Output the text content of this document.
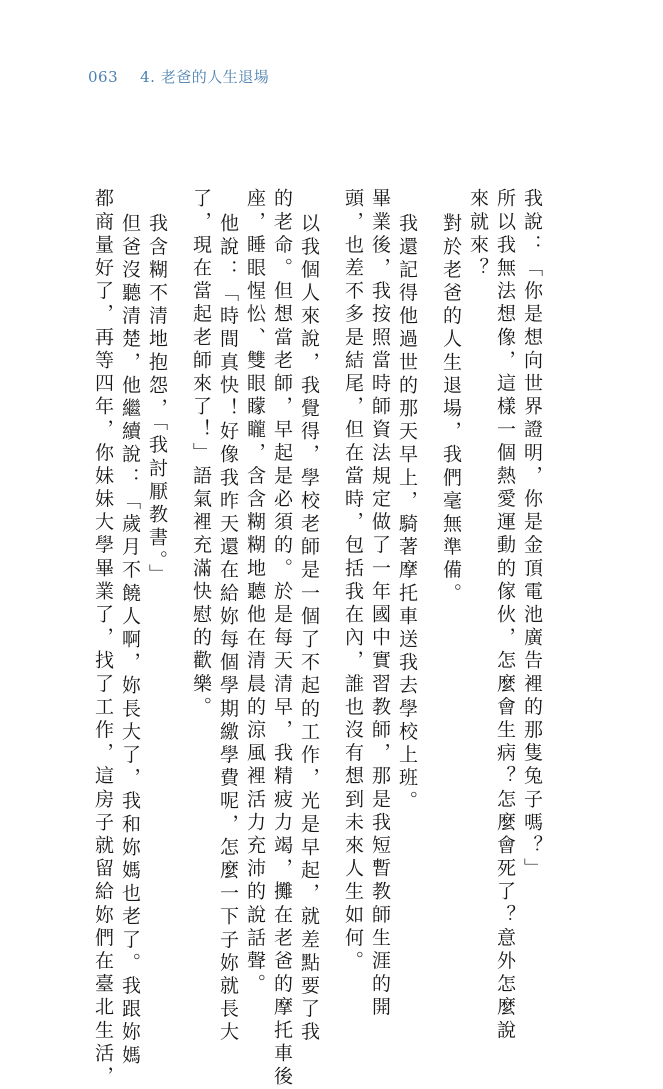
063 4. 老爸的人生退場
我說：「你是想向世界證明，你是金頂電池廣告裡的那隻兔子嗎？」
所以我無法想像，這樣一個熱愛運動的傢伙，怎麼會生病？怎麼會死了？意外怎麼說
來就來？
對於老爸的人生退場，我們毫無準備。
我還記得他過世的那天早上，騎著摩托車送我去學校上班。
畢業後，我按照當時師資法規定做了一年國中實習教師，那是我短暫教師生涯的開
頭，也差不多是結尾，但在當時，包括我在內，誰也沒有想到未來人生如何。
以我個人來說，我覺得，學校老師是一個了不起的工作，光是早起，就差點要了我
的老命。但想當老師，早起是必須的。於是每天清早，我精疲力竭，攤在老爸的摩托車後
座，睡眼惺忪、雙眼矇矓，含含糊糊地聽他在清晨的涼風裡活力充沛的說話聲。
他說：「時間真快！好像我昨天還在給妳每個學期繳學費呢，怎麼一下子妳就長大
了，現在當起老師來了！」語氣裡充滿快慰的歡樂。
我含糊不清地抱怨，「我討厭教書。」
但爸沒聽清楚，他繼續說：「歲月不饒人啊，妳長大了，我和妳媽也老了。我跟妳媽
都商量好了，再等四年，你妹妹大學畢業了，找了工作，這房子就留給妳們在臺北生活，
